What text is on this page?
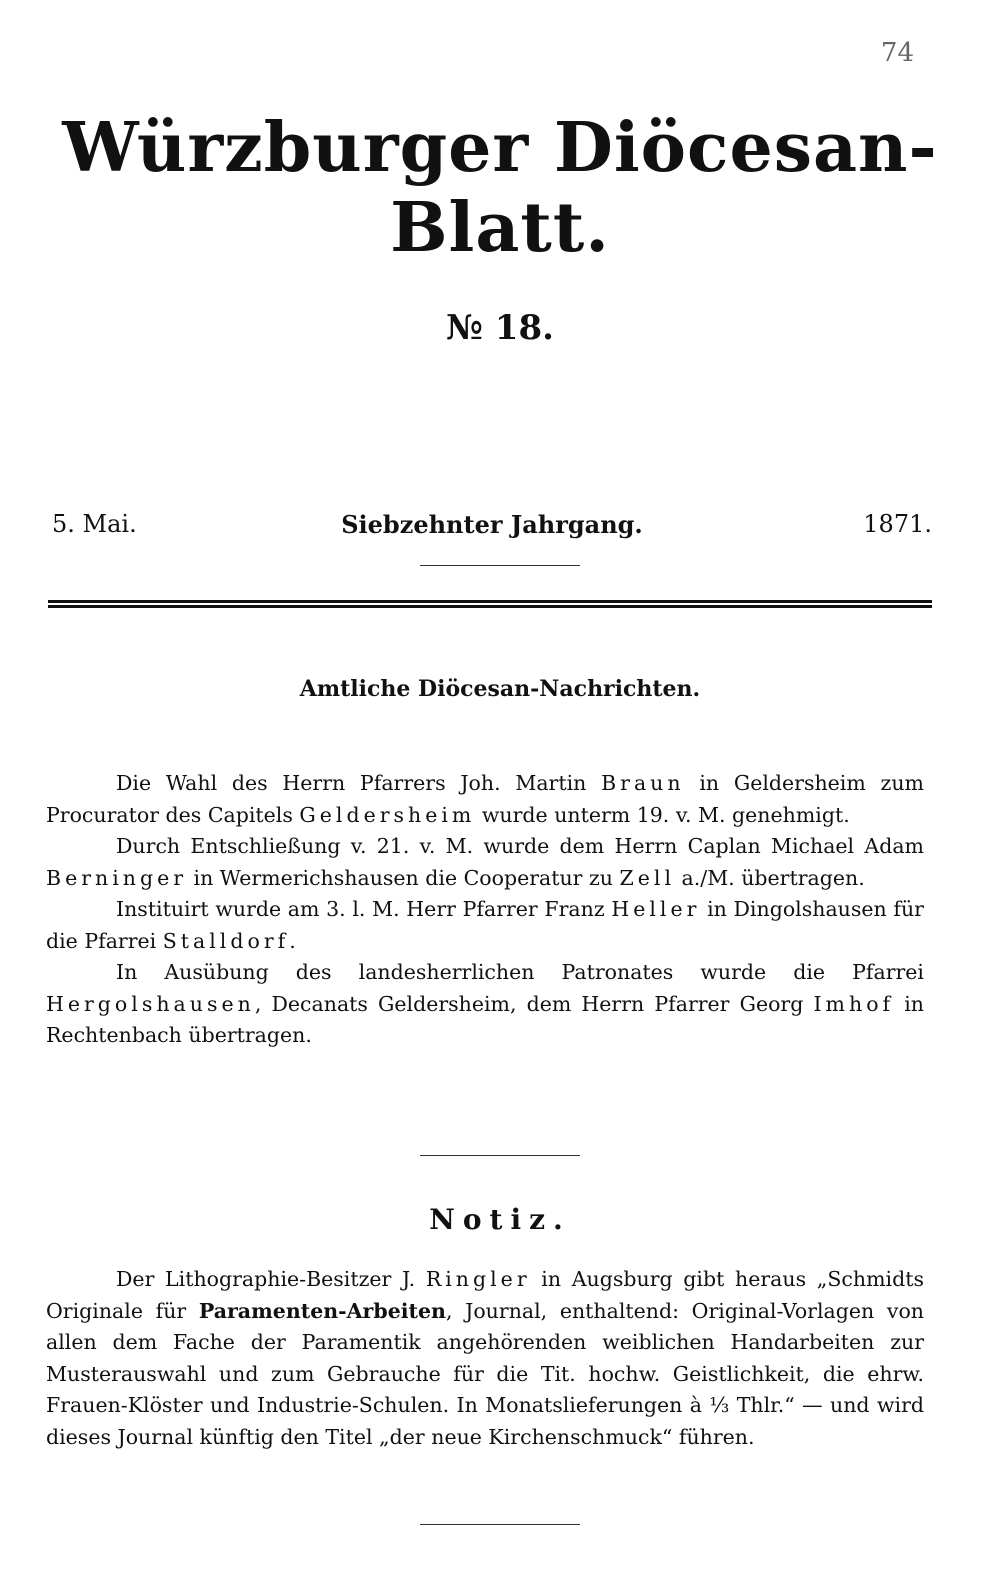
74
Würzburger Diöcesan-Blatt.
№ 18.
Siebzehnter Jahrgang.
5. Mai.	1871.
Amtliche Diöcesan-Nachrichten.

Die Wahl des Herrn Pfarrers Joh. Martin Braun in Geldersheim zum Procurator des Capitels Geldersheim wurde unterm 19. v. M. genehmigt.

Durch Entschließung v. 21. v. M. wurde dem Herrn Caplan Michael Adam Berninger in Wermerichshausen die Cooperatur zu Zell a./M. übertragen.

Instituirt wurde am 3. l. M. Herr Pfarrer Franz Heller in Dingolshausen für die Pfarrei Stalldorf.

In Ausübung des landesherrlichen Patronates wurde die Pfarrei Hergolshausen, Decanats Geldersheim, dem Herrn Pfarrer Georg Imhof in Rechtenbach übertragen.

Notiz.

Der Lithographie-Besitzer J. Ringler in Augsburg gibt heraus „Schmidts Originale für Paramenten-Arbeiten, Journal, enthaltend: Original-Vorlagen von allen dem Fache der Paramentik angehörenden weiblichen Handarbeiten zur Musterauswahl und zum Gebrauche für die Tit. hochw. Geistlichkeit, die ehrw. Frauen-Klöster und Industrie-Schulen. In Monatslieferungen à ⅓ Thlr.“ — und wird dieses Journal künftig den Titel „der neue Kirchenschmuck“ führen.
